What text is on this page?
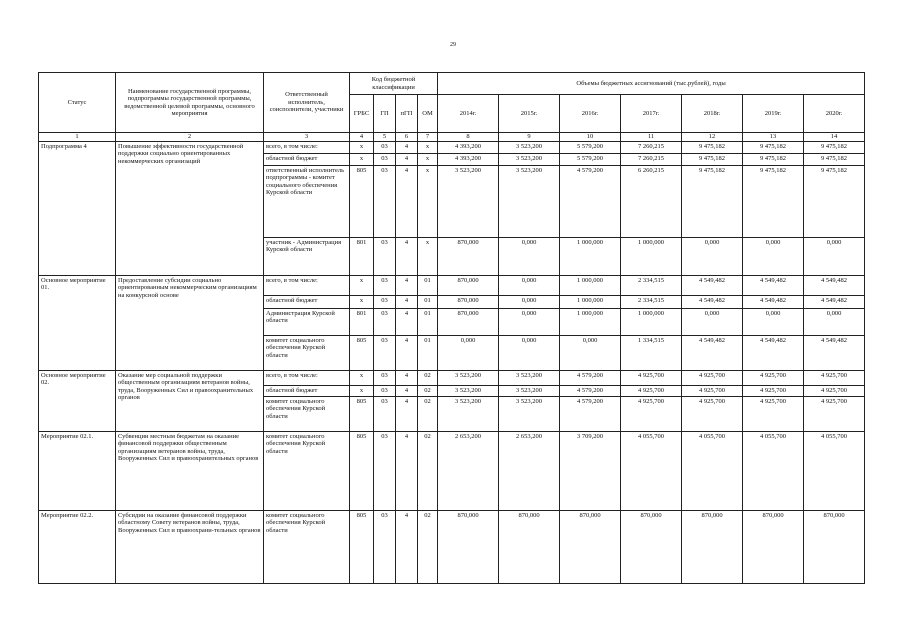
29
Статус	Наименование государственной программы, подпрограммы государственной программы, ведомственной целевой программы, основного мероприятия	Ответственный исполнитель, соисполнители, участники	Код бюджетной классификации				Объемы бюджетных ассигнований (тыс.рублей), годы						
			ГРБС	ГП	пГП	ОМ	2014г.	2015г.	2016г.	2017г.	2018г.	2019г.	2020г.
1	2	3	4	5	6	7	8	9	10	11	12	13	14
Подпрограмма 4	Повышение эффективности государственной поддержки социально ориентированных некоммерческих организаций	всего, в том числе:	x	03	4	x	4 393,200	3 523,200	5 579,200	7 260,215	9 475,182	9 475,182	9 475,182
		областной бюджет	x	03	4	x	4 393,200	3 523,200	5 579,200	7 260,215	9 475,182	9 475,182	9 475,182
		ответственный исполнитель подпрограммы - комитет социального обеспечения Курской области	805	03	4	x	3 523,200	3 523,200	4 579,200	6 260,215	9 475,182	9 475,182	9 475,182
		участник - Администрация Курской области	801	03	4	x	870,000	0,000	1 000,000	1 000,000	0,000	0,000	0,000
Основное мероприятие 01.	Предоставление субсидии социально ориентированным некоммерческим организациям на конкурсной основе	всего, в том числе:	x	03	4	01	870,000	0,000	1 000,000	2 334,515	4 549,482	4 549,482	4 549,482
		областной бюджет	x	03	4	01	870,000	0,000	1 000,000	2 334,515	4 549,482	4 549,482	4 549,482
		Администрация Курской области	801	03	4	01	870,000	0,000	1 000,000	1 000,000	0,000	0,000	0,000
		комитет социального обеспечения Курской области	805	03	4	01	0,000	0,000	0,000	1 334,515	4 549,482	4 549,482	4 549,482
Основное мероприятие 02.	Оказание мер социальной поддержки общественным организациям ветеранов войны, труда, Вооруженных Сил и правоохранительных органов	всего, в том числе:	x	03	4	02	3 523,200	3 523,200	4 579,200	4 925,700	4 925,700	4 925,700	4 925,700
		областной бюджет	x	03	4	02	3 523,200	3 523,200	4 579,200	4 925,700	4 925,700	4 925,700	4 925,700
		комитет социального обеспечения Курской области	805	03	4	02	3 523,200	3 523,200	4 579,200	4 925,700	4 925,700	4 925,700	4 925,700
Мероприятие 02.1.	Субвенции местным бюджетам на оказание финансовой поддержки общественным организациям ветеранов войны, труда, Вооруженных Сил и правоохранительных органов	комитет социального обеспечения Курской области	805	03	4	02	2 653,200	2 653,200	3 709,200	4 055,700	4 055,700	4 055,700	4 055,700
Мероприятие 02.2.	Субсидии на оказание финансовой поддержки областному Совету ветеранов войны, труда, Вооруженных Сил и правоохрани-тельных органов	комитет социального обеспечения Курской области	805	03	4	02	870,000	870,000	870,000	870,000	870,000	870,000	870,000
